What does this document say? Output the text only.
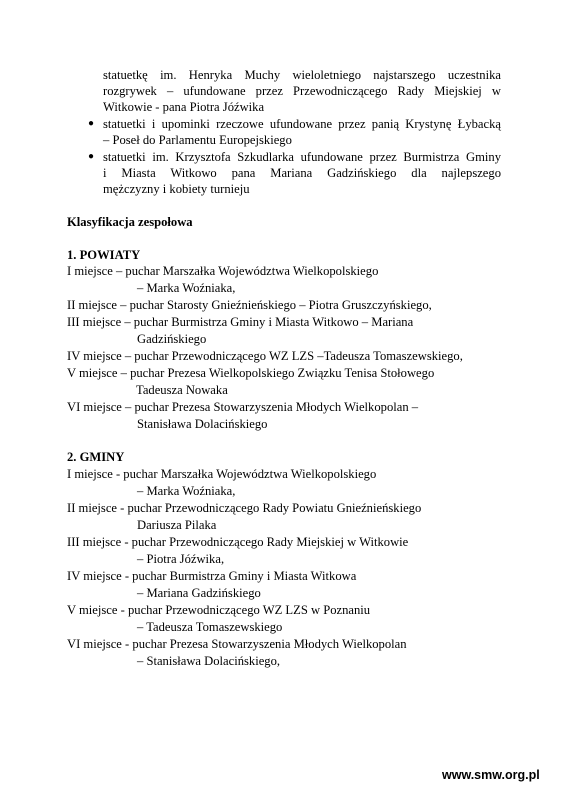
statuetkę im. Henryka Muchy wieloletniego najstarszego uczestnika
rozgrywek – ufundowane przez Przewodniczącego Rady Miejskiej w
Witkowie - pana Piotra Jóźwika
● statuetki i upominki rzeczowe ufundowane przez panią Krystynę Łybacką
– Poseł do Parlamentu Europejskiego
● statuetki im. Krzysztofa Szkudlarka ufundowane przez Burmistrza Gminy
i Miasta Witkowo pana Mariana Gadzińskiego dla najlepszego
mężczyzny i kobiety turnieju
Klasyfikacja zespołowa
1. POWIATY
I miejsce – puchar Marszałka Województwa Wielkopolskiego
– Marka Woźniaka,
II miejsce – puchar Starosty Gnieźnieńskiego – Piotra Gruszczyńskiego,
III miejsce – puchar Burmistrza Gminy i Miasta Witkowo – Mariana
Gadzińskiego
IV miejsce – puchar Przewodniczącego WZ LZS –Tadeusza Tomaszewskiego,
V miejsce – puchar Prezesa Wielkopolskiego Związku Tenisa Stołowego
Tadeusza Nowaka
VI miejsce – puchar Prezesa Stowarzyszenia Młodych Wielkopolan –
Stanisława Dolacińskiego
2. GMINY
I miejsce - puchar Marszałka Województwa Wielkopolskiego
– Marka Woźniaka,
II miejsce - puchar Przewodniczącego Rady Powiatu Gnieźnieńskiego
Dariusza Pilaka
III miejsce - puchar Przewodniczącego Rady Miejskiej w Witkowie
– Piotra Jóźwika,
IV miejsce - puchar Burmistrza Gminy i Miasta Witkowa
– Mariana Gadzińskiego
V miejsce - puchar Przewodniczącego WZ LZS w Poznaniu
– Tadeusza Tomaszewskiego
VI miejsce - puchar Prezesa Stowarzyszenia Młodych Wielkopolan
– Stanisława Dolacińskiego,
www.smw.org.pl
